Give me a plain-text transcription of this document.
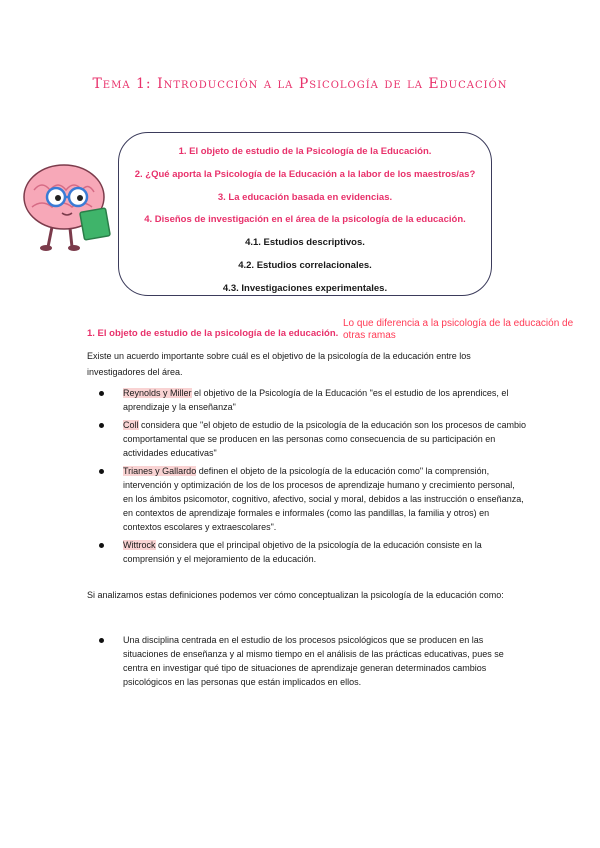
Tema 1: Introducción a la Psicología de la Educación
1. El objeto de estudio de la Psicología de la Educación.
2. ¿Qué aporta la Psicología de la Educación a la labor de los maestros/as?
3. La educación basada en evidencias.
4. Diseños de investigación en el área de la psicología de la educación.
4.1. Estudios descriptivos.
4.2. Estudios correlacionales.
4.3. Investigaciones experimentales.
1. El objeto de estudio de la psicología de la educación.
Lo que diferencia a la psicología de la educación de otras ramas
Existe un acuerdo importante sobre cuál es el objetivo de la psicología de la educación entre los investigadores del área.
Reynolds y Miller el objetivo de la Psicología de la Educación "es el estudio de los aprendices, el aprendizaje y la enseñanza"
Coll considera que "el objeto de estudio de la psicología de la educación son los procesos de cambio comportamental que se producen en las personas como consecuencia de su participación en actividades educativas"
Trianes y Gallardo definen el objeto de la psicología de la educación como" la comprensión, intervención y optimización de los de los procesos de aprendizaje humano y crecimiento personal, en los ámbitos psicomotor, cognitivo, afectivo, social y moral, debidos a las instrucción o enseñanza, en contextos de aprendizaje formales e informales (como las pandillas, la familia y otros) en contextos escolares y extraescolares".
Wittrock considera que el principal objetivo de la psicología de la educación consiste en la comprensión y el mejoramiento de la educación.
Si analizamos estas definiciones podemos ver cómo conceptualizan la psicología de la educación como:
Una disciplina centrada en el estudio de los procesos psicológicos que se producen en las situaciones de enseñanza y al mismo tiempo en el análisis de las prácticas educativas, pues se centra en investigar qué tipo de situaciones de aprendizaje generan determinados cambios psicológicos en las personas que están implicados en ellos.
